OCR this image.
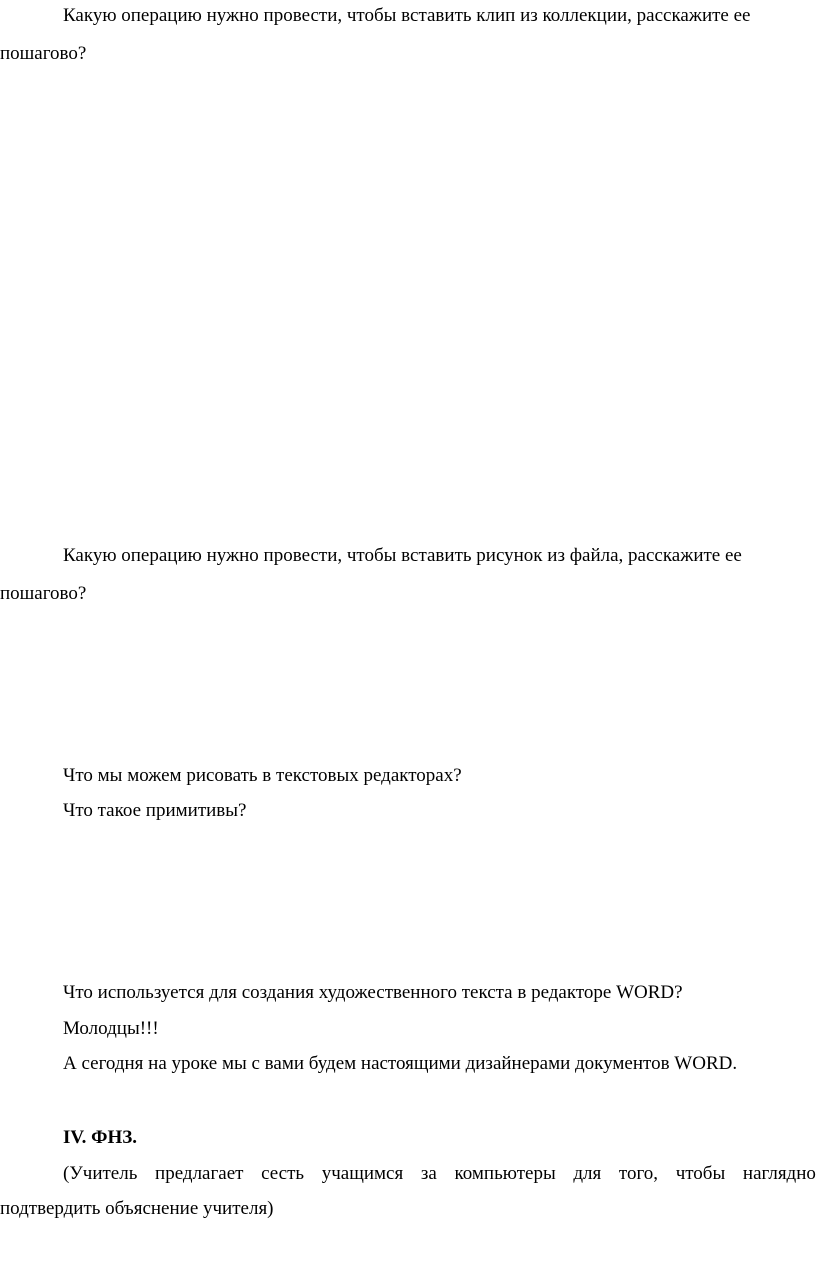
Какую операцию нужно провести, чтобы вставить клип из коллекции, расскажите ее

пошагово?

Какую операцию нужно провести, чтобы вставить рисунок из файла, расскажите ее

пошагово?

Что мы можем рисовать в текстовых редакторах?

Что такое примитивы?

Что используется для создания художественного текста в редакторе WORD?

Молодцы!!!

А сегодня на уроке мы с вами будем настоящими дизайнерами документов WORD.

IV. ФНЗ.

(Учитель предлагает сесть учащимся за компьютеры для того, чтобы наглядно

подтвердить объяснение учителя)
